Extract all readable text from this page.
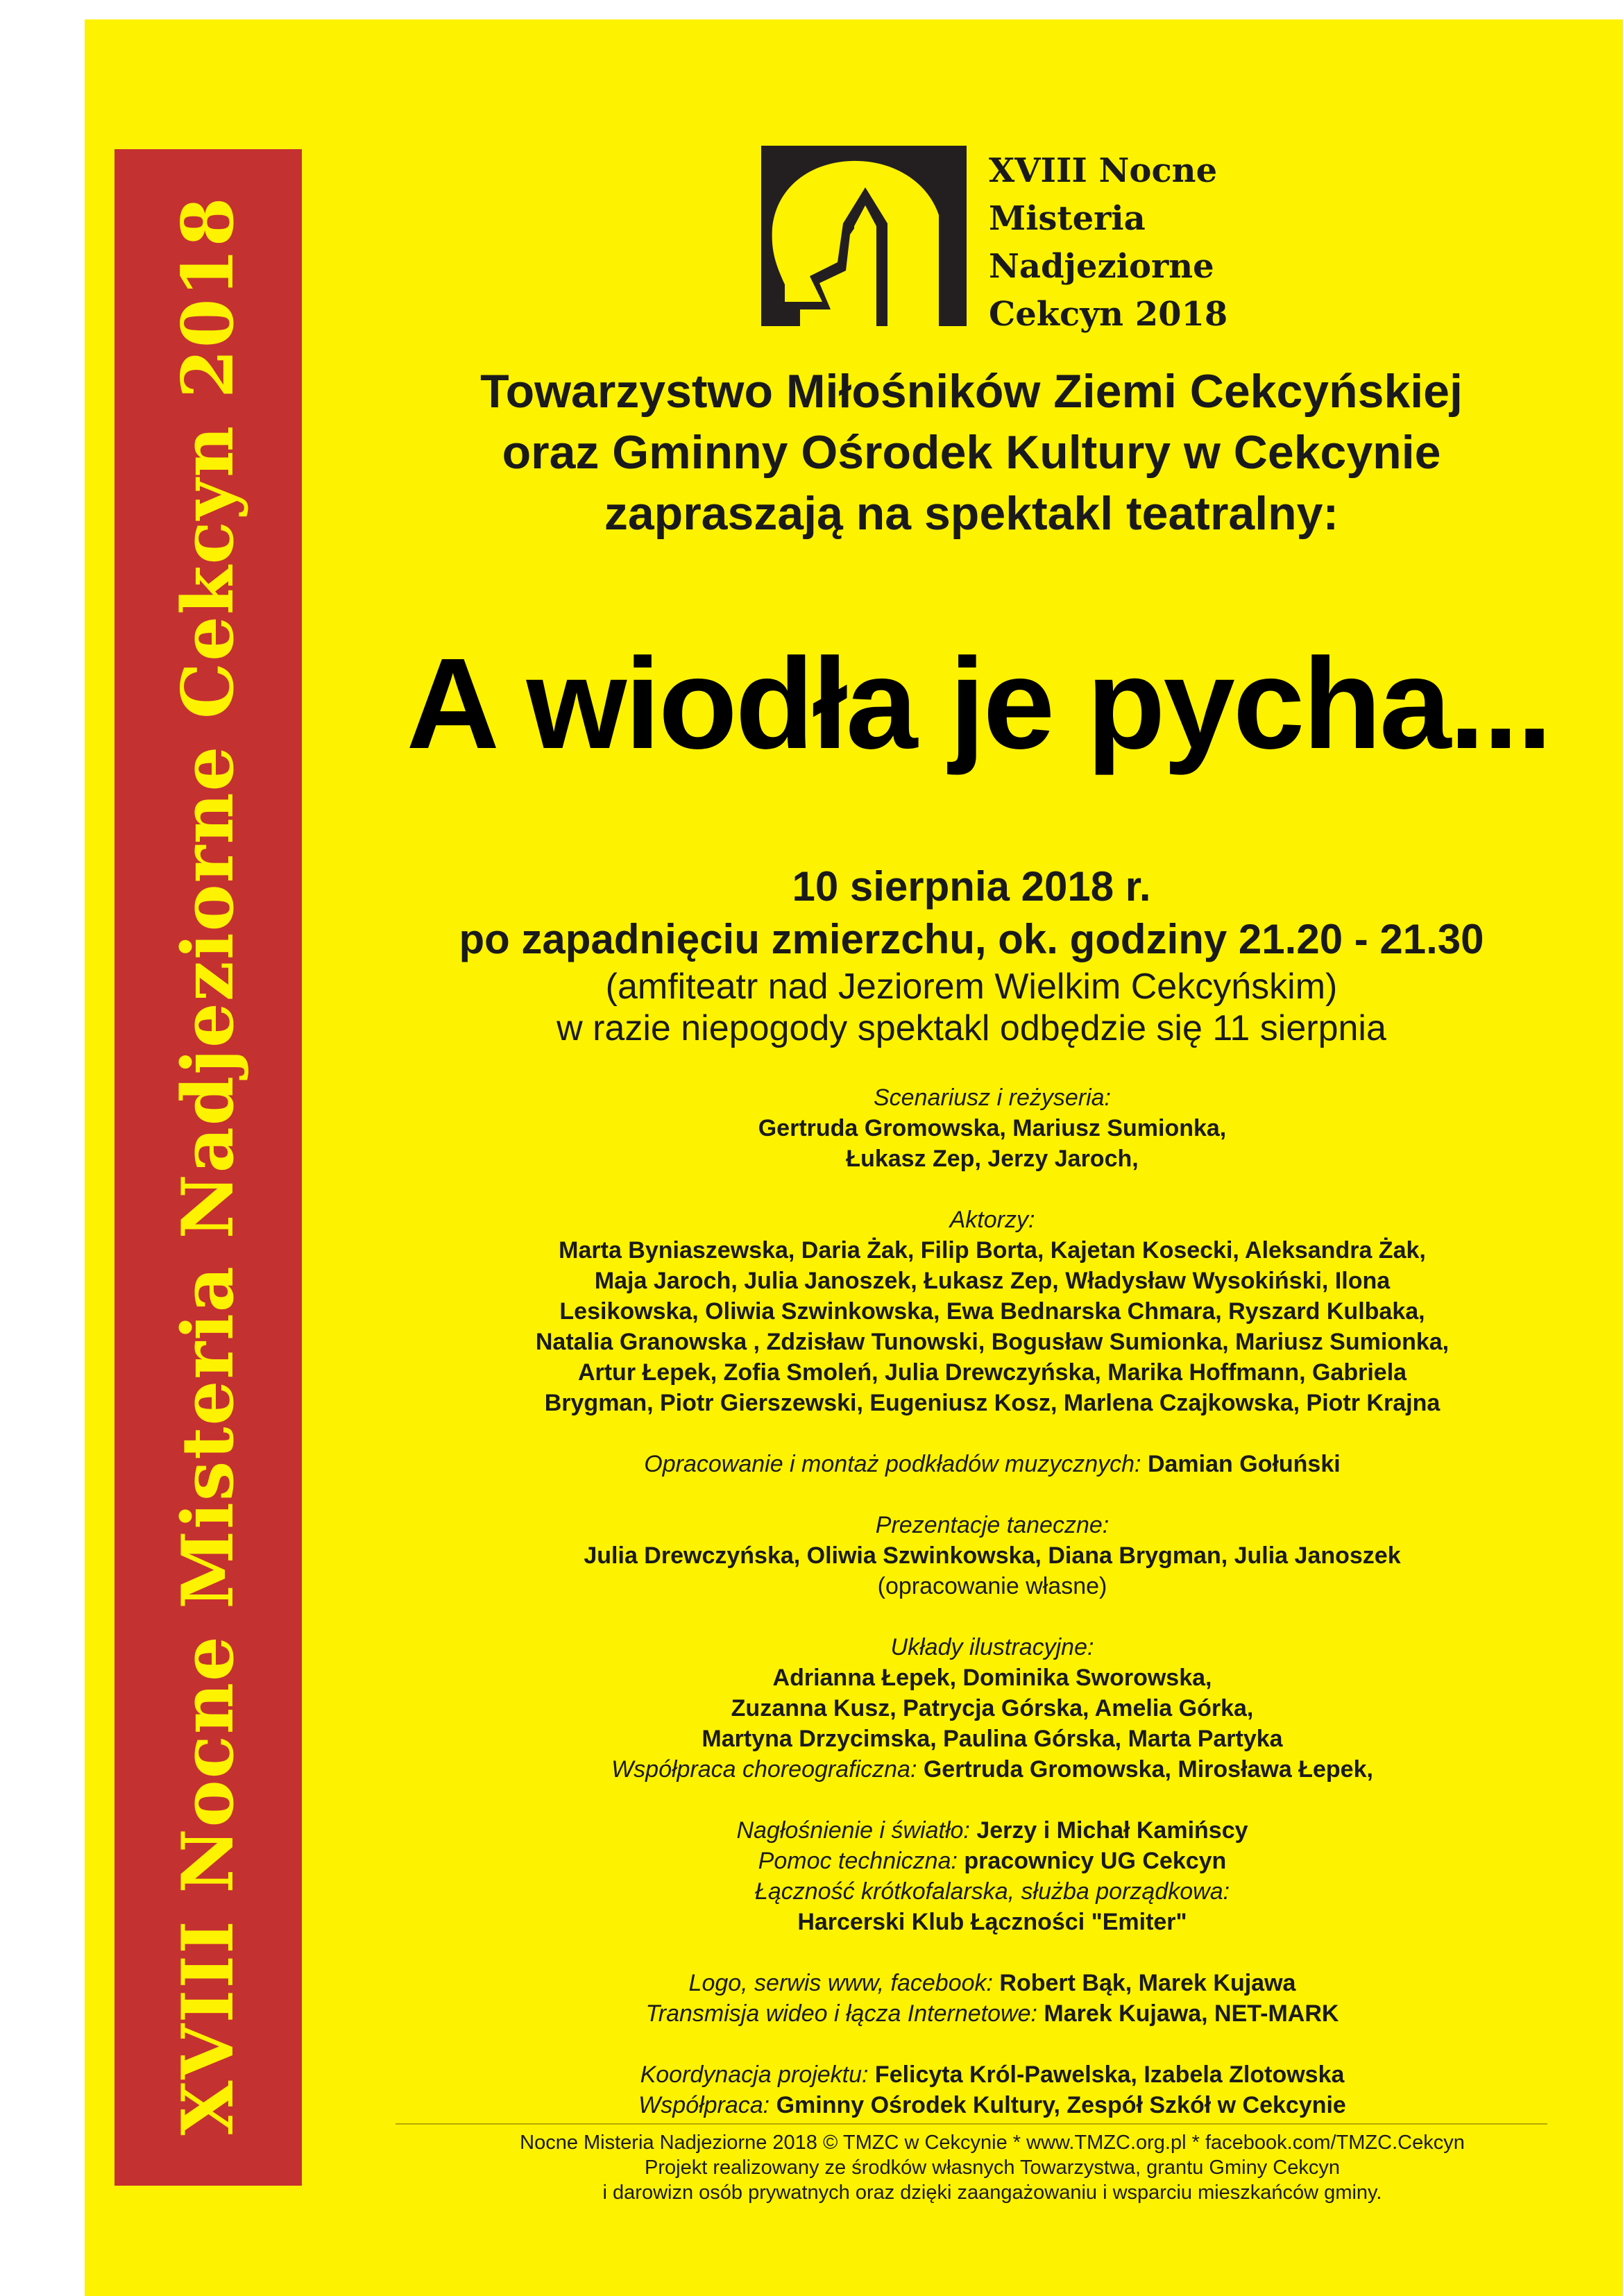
XVIII Nocne Misteria Nadjeziorne Cekcyn 2018
XVIII Nocne
Misteria
Nadjeziorne
Cekcyn 2018
Towarzystwo Miłośników Ziemi Cekcyńskiej
oraz Gminny Ośrodek Kultury w Cekcynie
zapraszają na spektakl teatralny:
A wiodła je pycha...
10 sierpnia 2018 r.
po zapadnięciu zmierzchu, ok. godziny 21.20 - 21.30
(amfiteatr nad Jeziorem Wielkim Cekcyńskim)
w razie niepogody spektakl odbędzie się 11 sierpnia
Scenariusz i reżyseria:
Gertruda Gromowska, Mariusz Sumionka,
Łukasz Zep, Jerzy Jaroch,
Aktorzy:
Marta Byniaszewska, Daria Żak, Filip Borta, Kajetan Kosecki, Aleksandra Żak,
Maja Jaroch, Julia Janoszek, Łukasz Zep, Władysław Wysokiński, Ilona
Lesikowska, Oliwia Szwinkowska, Ewa Bednarska Chmara, Ryszard Kulbaka,
Natalia Granowska , Zdzisław Tunowski, Bogusław Sumionka, Mariusz Sumionka,
Artur Łepek, Zofia Smoleń, Julia Drewczyńska, Marika Hoffmann, Gabriela
Brygman, Piotr Gierszewski, Eugeniusz Kosz, Marlena Czajkowska, Piotr Krajna
Opracowanie i montaż podkładów muzycznych: Damian Gołuński
Prezentacje taneczne:
Julia Drewczyńska, Oliwia Szwinkowska, Diana Brygman, Julia Janoszek
(opracowanie własne)
Układy ilustracyjne:
Adrianna Łepek, Dominika Sworowska,
Zuzanna Kusz, Patrycja Górska, Amelia Górka,
Martyna Drzycimska, Paulina Górska, Marta Partyka
Współpraca choreograficzna: Gertruda Gromowska, Mirosława Łepek,
Nagłośnienie i światło: Jerzy i Michał Kamińscy
Pomoc techniczna: pracownicy UG Cekcyn
Łączność krótkofalarska, służba porządkowa:
Harcerski Klub Łączności "Emiter"
Logo, serwis www, facebook: Robert Bąk, Marek Kujawa
Transmisja wideo i łącza Internetowe: Marek Kujawa, NET-MARK
Koordynacja projektu: Felicyta Król-Pawelska, Izabela Zlotowska
Współpraca: Gminny Ośrodek Kultury, Zespół Szkół w Cekcynie
Nocne Misteria Nadjeziorne 2018 © TMZC w Cekcynie * www.TMZC.org.pl * facebook.com/TMZC.Cekcyn
Projekt realizowany ze środków własnych Towarzystwa, grantu Gminy Cekcyn
i darowizn osób prywatnych oraz dzięki zaangażowaniu i wsparciu mieszkańców gminy.
